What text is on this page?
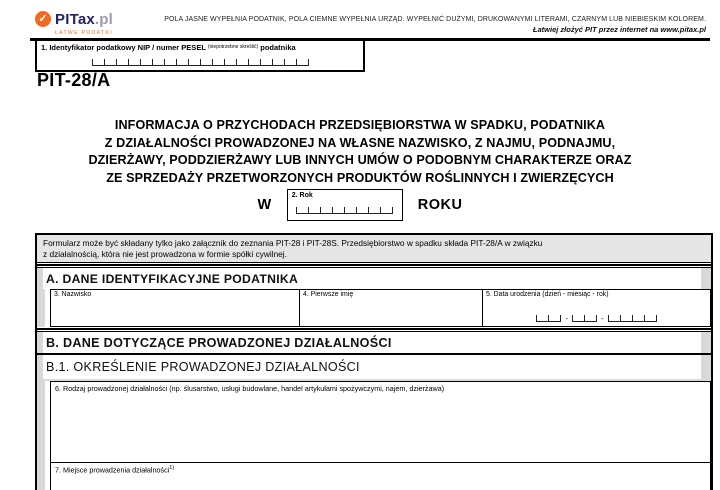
✓ PITax.pl
ŁATWE PODATKI
POLA JASNE WYPEŁNIA PODATNIK, POLA CIEMNE WYPEŁNIA URZĄD. WYPEŁNIĆ DUŻYMI, DRUKOWANYMI LITERAMI, CZARNYM LUB NIEBIESKIM KOLOREM.
Łatwiej złożyć PIT przez internet na www.pitax.pl
1. Identyfikator podatkowy NIP / numer PESEL $^{(niepotrzebne skreślić)}$ podatnika
PIT-28/A
INFORMACJA O PRZYCHODACH PRZEDSIĘBIORSTWA W SPADKU, PODATNIKA
Z DZIAŁALNOŚCI PROWADZONEJ NA WŁASNE NAZWISKO, Z NAJMU, PODNAJMU,
DZIERŻAWY, PODDZIERŻAWY LUB INNYCH UMÓW O PODOBNYM CHARAKTERZE ORAZ
ZE SPRZEDAŻY PRZETWORZONYCH PRODUKTÓW ROŚLINNYCH I ZWIERZĘCYCH
W
2. Rok
ROKU
Formularz może być składany tylko jako załącznik do zeznania PIT-28 i PIT-28S. Przedsiębiorstwo w spadku składa PIT-28/A w związku
z działalnością, która nie jest prowadzona w formie spółki cywilnej.
A. DANE IDENTYFIKACYJNE PODATNIKA
3. Nazwisko	4. Pierwsze imię	5. Data urodzenia (dzień - miesiąc - rok)
-	-
B. DANE DOTYCZĄCE PROWADZONEJ DZIAŁALNOŚCI
B.1. OKREŚLENIE PROWADZONEJ DZIAŁALNOŚCI
6. Rodzaj prowadzonej działalności (np. ślusarstwo, usługi budowlane, handel artykułami spożywczymi, najem, dzierżawa)
7. Miejsce prowadzenia działalności$^{1)}$
